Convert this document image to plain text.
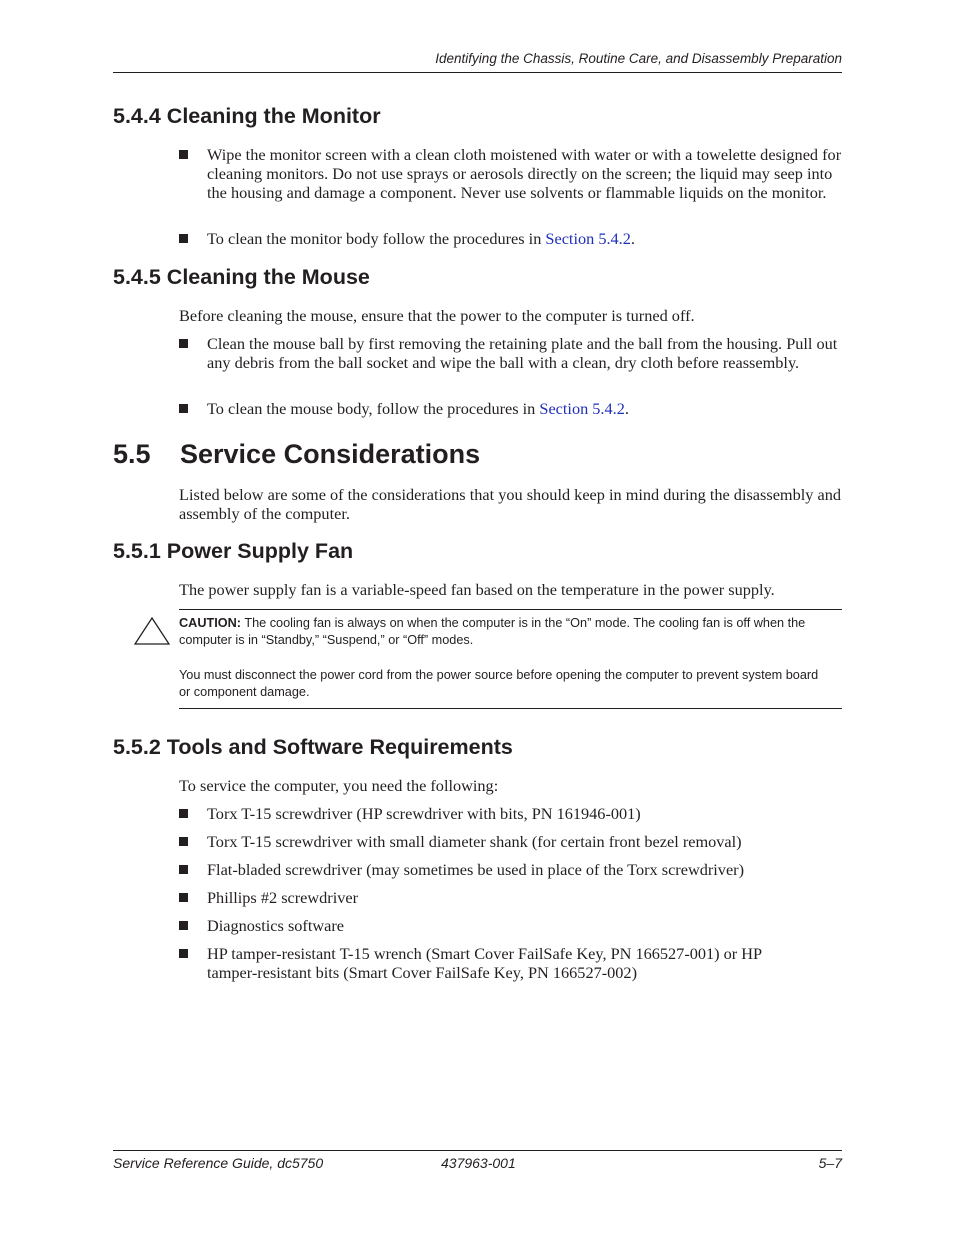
Identifying the Chassis, Routine Care, and Disassembly Preparation
5.4.4 Cleaning the Monitor
Wipe the monitor screen with a clean cloth moistened with water or with a towelette designed for cleaning monitors. Do not use sprays or aerosols directly on the screen; the liquid may seep into the housing and damage a component. Never use solvents or flammable liquids on the monitor.
To clean the monitor body follow the procedures in Section 5.4.2.
5.4.5 Cleaning the Mouse

Before cleaning the mouse, ensure that the power to the computer is turned off.

Clean the mouse ball by first removing the retaining plate and the ball from the housing. Pull out any debris from the ball socket and wipe the ball with a clean, dry cloth before reassembly.
To clean the mouse body, follow the procedures in Section 5.4.2.
5.5 Service Considerations

Listed below are some of the considerations that you should keep in mind during the disassembly and assembly of the computer.

5.5.1 Power Supply Fan

The power supply fan is a variable-speed fan based on the temperature in the power supply.

CAUTION: The cooling fan is always on when the computer is in the “On” mode. The cooling fan is off when the computer is in “Standby,” “Suspend,” or “Off” modes.

You must disconnect the power cord from the power source before opening the computer to prevent system board or component damage.

5.5.2 Tools and Software Requirements

To service the computer, you need the following:

Torx T-15 screwdriver (HP screwdriver with bits, PN 161946-001)
Torx T-15 screwdriver with small diameter shank (for certain front bezel removal)
Flat-bladed screwdriver (may sometimes be used in place of the Torx screwdriver)
Phillips #2 screwdriver
Diagnostics software
HP tamper-resistant T-15 wrench (Smart Cover FailSafe Key, PN 166527-001) or HP tamper-resistant bits (Smart Cover FailSafe Key, PN 166527-002)
Service Reference Guide, dc5750	437963-001	5–7
